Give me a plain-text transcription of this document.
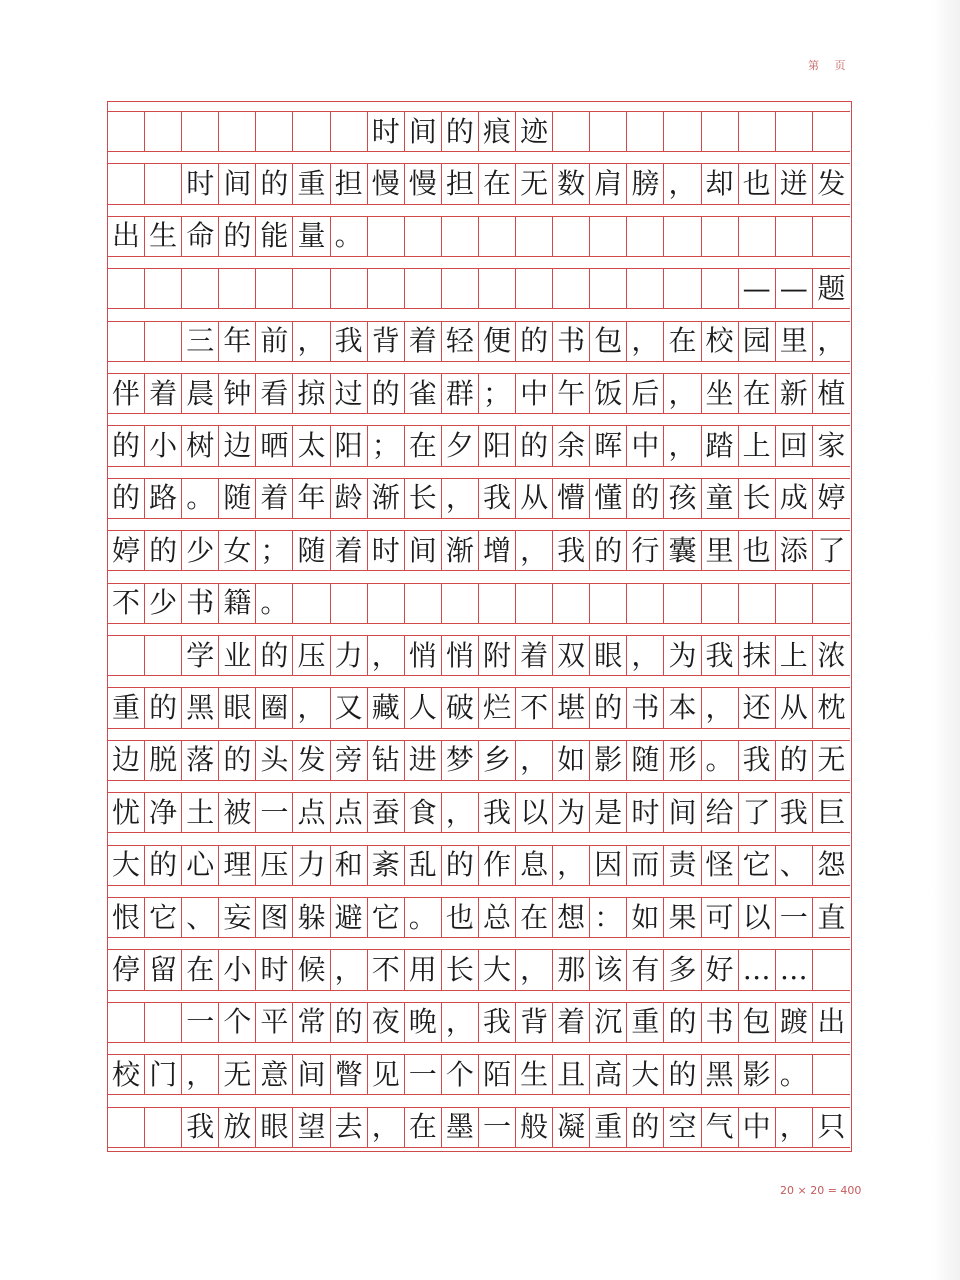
第 页
时 间 的 痕 迹
时 间 的 重 担 慢 慢 担 在 无 数 肩 膀 ， 却 也 迸 发
出 生 命 的 能 量 。
— — 题
三 年 前 ， 我 背 着 轻 便 的 书 包 ， 在 校 园 里 ，
伴 着 晨 钟 看 掠 过 的 雀 群 ； 中 午 饭 后 ， 坐 在 新 植
的 小 树 边 晒 太 阳 ； 在 夕 阳 的 余 晖 中 ， 踏 上 回 家
的 路 。 随 着 年 龄 渐 长 ， 我 从 懵 懂 的 孩 童 长 成 婷
婷 的 少 女 ； 随 着 时 间 渐 增 ， 我 的 行 囊 里 也 添 了
不 少 书 籍 。
学 业 的 压 力 ， 悄 悄 附 着 双 眼 ， 为 我 抹 上 浓
重 的 黑 眼 圈 ， 又 藏 人 破 烂 不 堪 的 书 本 ， 还 从 枕
边 脱 落 的 头 发 旁 钻 进 梦 乡 ， 如 影 随 形 。 我 的 无
忧 净 土 被 一 点 点 蚕 食 ， 我 以 为 是 时 间 给 了 我 巨
大 的 心 理 压 力 和 紊 乱 的 作 息 ， 因 而 责 怪 它 、 怨
恨 它 、 妄 图 躲 避 它 。 也 总 在 想 ： 如 果 可 以 一 直
停 留 在 小 时 候 ， 不 用 长 大 ， 那 该 有 多 好 … …
一 个 平 常 的 夜 晚 ， 我 背 着 沉 重 的 书 包 踱 出
校 门 ， 无 意 间 瞥 见 一 个 陌 生 且 高 大 的 黑 影 。
我 放 眼 望 去 ， 在 墨 一 般 凝 重 的 空 气 中 ， 只
20 × 20 = 400
